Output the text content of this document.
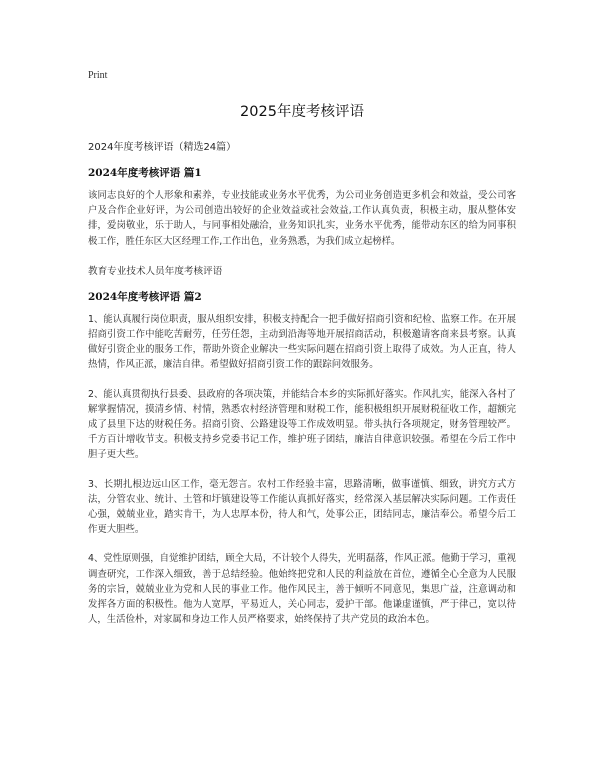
Print
2025年度考核评语
2024年度考核评语（精选24篇）
2024年度考核评语 篇1

该同志良好的个人形象和素养，专业技能或业务水平优秀，为公司业务创造更多机会和效益，受公司客户及合作企业好评，为公司创造出较好的企业效益或社会效益,工作认真负责，积极主动，服从整体安排，爱岗敬业，乐于助人，与同事相处融洽，业务知识扎实，业务水平优秀，能带动东区的给为同事积极工作，胜任东区大区经理工作,工作出色，业务熟悉，为我们成立起榜样。

教育专业技术人员年度考核评语
2024年度考核评语 篇2

1、能认真履行岗位职责，服从组织安排，积极支持配合一把手做好招商引资和纪检、监察工作。在开展招商引资工作中能吃苦耐劳，任劳任怨，主动到沿海等地开展招商活动，积极邀请客商来县考察。认真做好引资企业的服务工作，帮助外资企业解决一些实际问题在招商引资上取得了成效。为人正直，待人热情，作风正派，廉洁自律。希望做好招商引资工作的跟踪问效服务。

2、能认真贯彻执行县委、县政府的各项决策，并能结合本乡的实际抓好落实。作风扎实，能深入各村了解掌握情况，摸清乡情、村情，熟悉农村经济管理和财税工作，能积极组织开展财税征收工作，超额完成了县里下达的财税任务。招商引资、公路建设等工作成效明显。带头执行各项规定，财务管理较严。千方百计增收节支。积极支持乡党委书记工作，维护班子团结，廉洁自律意识较强。希望在今后工作中胆子更大些。

3、长期扎根边远山区工作，毫无怨言。农村工作经验丰富，思路清晰，做事谨慎、细致，讲究方式方法，分管农业、统计、土管和圩镇建设等工作能认真抓好落实，经常深入基层解决实际问题。工作责任心强，兢兢业业，踏实肯干，为人忠厚本份，待人和气，处事公正，团结同志，廉洁奉公。希望今后工作更大胆些。

4、党性原则强，自觉维护团结，顾全大局，不计较个人得失，光明磊落，作风正派。他勤于学习，重视调查研究，工作深入细致，善于总结经验。他始终把党和人民的利益放在首位，遵循全心全意为人民服务的宗旨，兢兢业业为党和人民的事业工作。他作风民主，善于倾听不同意见，集思广益，注意调动和发挥各方面的积极性。他为人宽厚，平易近人，关心同志，爱护干部。他谦虚谨慎，严于律己，宽以待人，生活俭朴，对家属和身边工作人员严格要求，始终保持了共产党员的政治本色。
